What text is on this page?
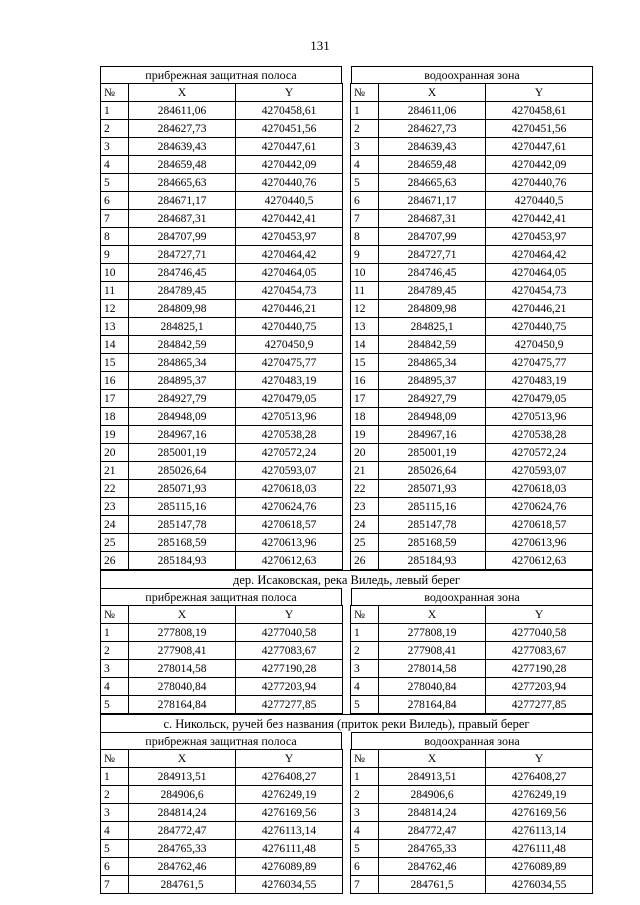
131
прибрежная защитная полоса	водоохранная зона
№	X	Y
1	284611,06	4270458,61
2	284627,73	4270451,56
3	284639,43	4270447,61
4	284659,48	4270442,09
5	284665,63	4270440,76
6	284671,17	4270440,5
7	284687,31	4270442,41
8	284707,99	4270453,97
9	284727,71	4270464,42
10	284746,45	4270464,05
11	284789,45	4270454,73
12	284809,98	4270446,21
13	284825,1	4270440,75
14	284842,59	4270450,9
15	284865,34	4270475,77
16	284895,37	4270483,19
17	284927,79	4270479,05
18	284948,09	4270513,96
19	284967,16	4270538,28
20	285001,19	4270572,24
21	285026,64	4270593,07
22	285071,93	4270618,03
23	285115,16	4270624,76
24	285147,78	4270618,57
25	285168,59	4270613,96
26	285184,93	4270612,63
№	X	Y
1	284611,06	4270458,61
2	284627,73	4270451,56
3	284639,43	4270447,61
4	284659,48	4270442,09
5	284665,63	4270440,76
6	284671,17	4270440,5
7	284687,31	4270442,41
8	284707,99	4270453,97
9	284727,71	4270464,42
10	284746,45	4270464,05
11	284789,45	4270454,73
12	284809,98	4270446,21
13	284825,1	4270440,75
14	284842,59	4270450,9
15	284865,34	4270475,77
16	284895,37	4270483,19
17	284927,79	4270479,05
18	284948,09	4270513,96
19	284967,16	4270538,28
20	285001,19	4270572,24
21	285026,64	4270593,07
22	285071,93	4270618,03
23	285115,16	4270624,76
24	285147,78	4270618,57
25	285168,59	4270613,96
26	285184,93	4270612,63
дер. Исаковская, река Виледь, левый берег
прибрежная защитная полоса	водоохранная зона
№	X	Y
1	277808,19	4277040,58
2	277908,41	4277083,67
3	278014,58	4277190,28
4	278040,84	4277203,94
5	278164,84	4277277,85
№	X	Y
1	277808,19	4277040,58
2	277908,41	4277083,67
3	278014,58	4277190,28
4	278040,84	4277203,94
5	278164,84	4277277,85
с. Никольск, ручей без названия (приток реки Виледь), правый берег
прибрежная защитная полоса	водоохранная зона
№	X	Y
1	284913,51	4276408,27
2	284906,6	4276249,19
3	284814,24	4276169,56
4	284772,47	4276113,14
5	284765,33	4276111,48
6	284762,46	4276089,89
7	284761,5	4276034,55
№	X	Y
1	284913,51	4276408,27
2	284906,6	4276249,19
3	284814,24	4276169,56
4	284772,47	4276113,14
5	284765,33	4276111,48
6	284762,46	4276089,89
7	284761,5	4276034,55
